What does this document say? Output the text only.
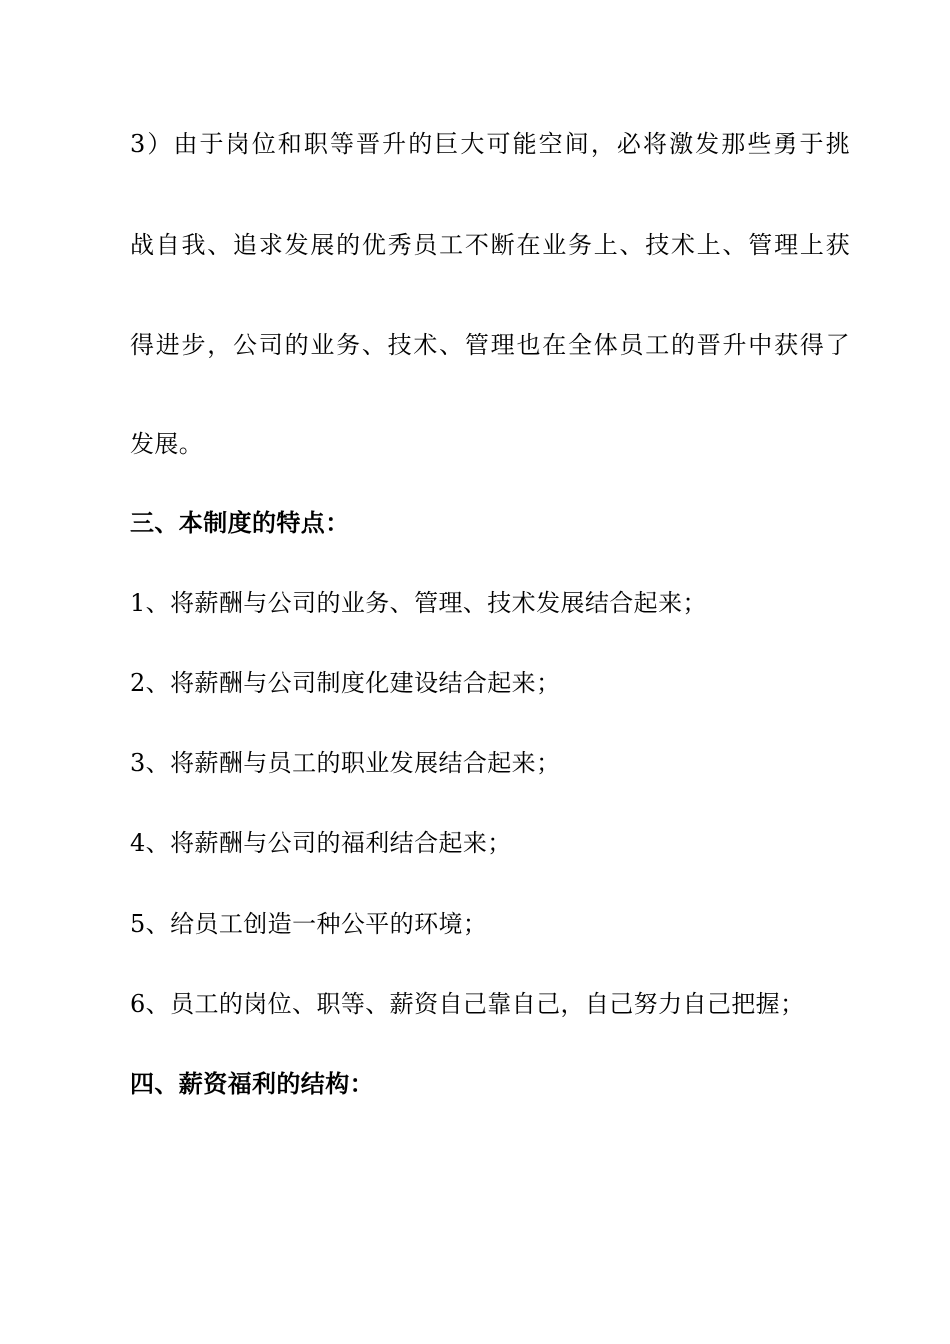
3）由于岗位和职等晋升的巨大可能空间，必将激发那些勇于挑
战自我、追求发展的优秀员工不断在业务上、技术上、管理上获
得进步，公司的业务、技术、管理也在全体员工的晋升中获得了
发展。
三、本制度的特点：
1、将薪酬与公司的业务、管理、技术发展结合起来；
2、将薪酬与公司制度化建设结合起来；
3、将薪酬与员工的职业发展结合起来；
4、将薪酬与公司的福利结合起来；
5、给员工创造一种公平的环境；
6、员工的岗位、职等、薪资自己靠自己，自己努力自己把握；
四、薪资福利的结构：
